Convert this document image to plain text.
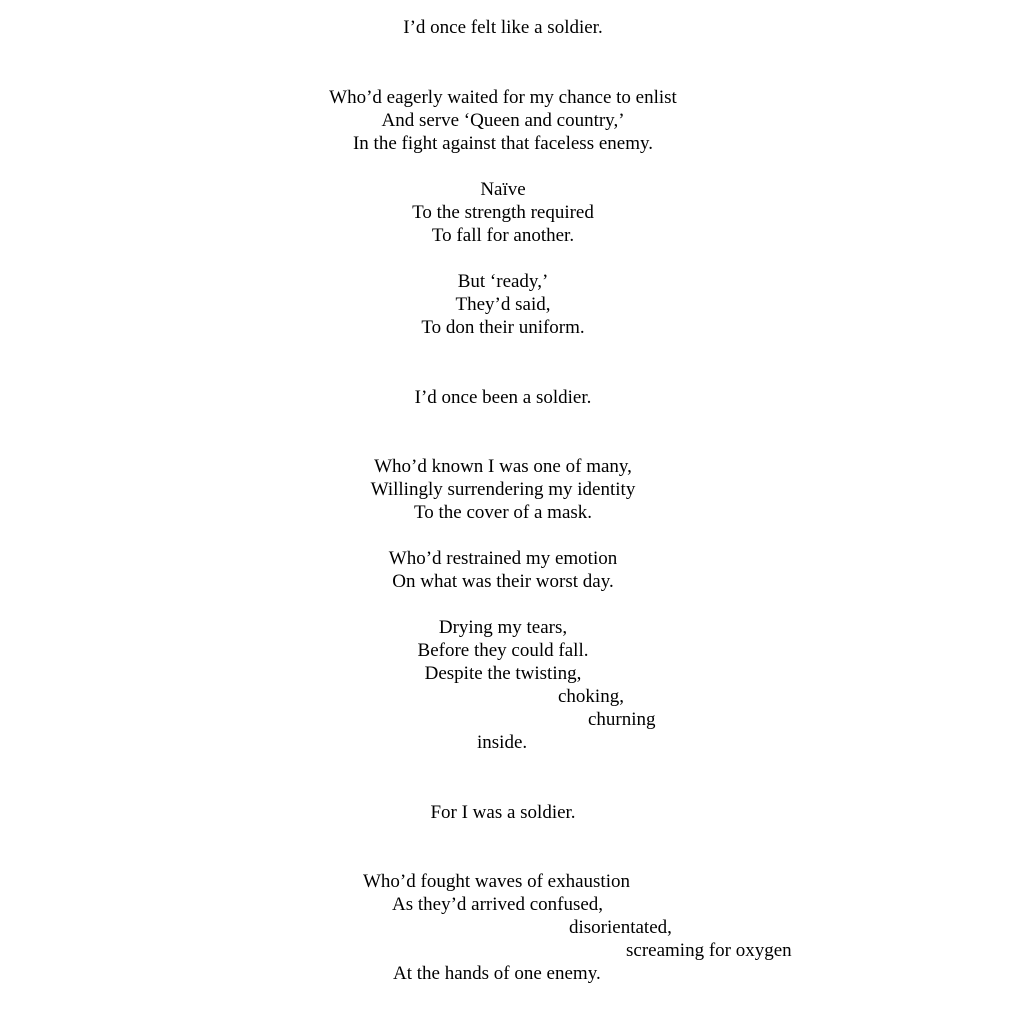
I’d once felt like a soldier.
Who’d eagerly waited for my chance to enlist
And serve ‘Queen and country,’
In the fight against that faceless enemy.
Naïve
To the strength required
To fall for another.
But ‘ready,’
They’d said,
To don their uniform.
I’d once been a soldier.
Who’d known I was one of many,
Willingly surrendering my identity
To the cover of a mask.
Who’d restrained my emotion
On what was their worst day.
Drying my tears,
Before they could fall.
Despite the twisting,
choking,
churning
inside.
For I was a soldier.
Who’d fought waves of exhaustion
As they’d arrived confused,
disorientated,
screaming for oxygen
At the hands of one enemy.
